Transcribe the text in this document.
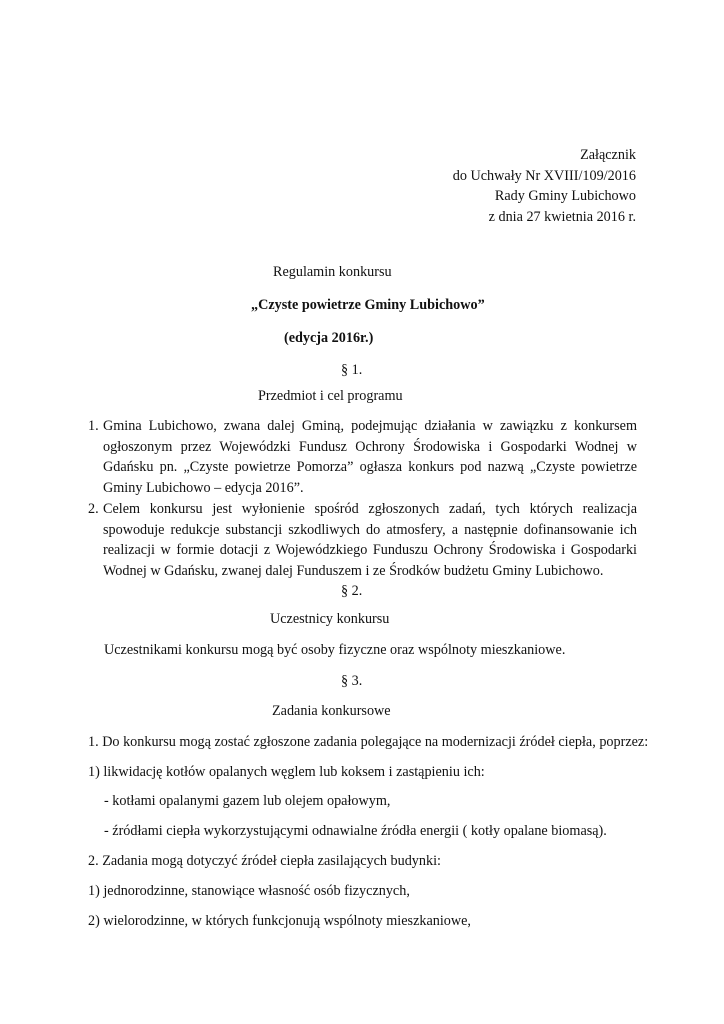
Załącznik
do Uchwały Nr XVIII/109/2016
Rady Gminy Lubichowo
z dnia 27 kwietnia 2016 r.
Regulamin konkursu
„Czyste powietrze Gminy Lubichowo”
(edycja 2016r.)
§ 1.
Przedmiot i cel programu
1. Gmina Lubichowo, zwana dalej Gminą, podejmując działania w zawiązku z konkursem ogłoszonym przez Wojewódzki Fundusz Ochrony Środowiska i Gospodarki Wodnej w Gdańsku pn. „Czyste powietrze Pomorza” ogłasza konkurs pod nazwą „Czyste powietrze Gminy Lubichowo – edycja 2016”.
2. Celem konkursu jest wyłonienie spośród zgłoszonych zadań, tych których realizacja spowoduje redukcje substancji szkodliwych do atmosfery, a następnie dofinansowanie ich realizacji w formie dotacji z Wojewódzkiego Funduszu Ochrony Środowiska i Gospodarki Wodnej w Gdańsku, zwanej dalej Funduszem i ze Środków budżetu Gminy Lubichowo.
§ 2.
Uczestnicy konkursu
Uczestnikami konkursu mogą być osoby fizyczne oraz wspólnoty mieszkaniowe.
§ 3.
Zadania konkursowe
1. Do konkursu mogą zostać zgłoszone zadania polegające na modernizacji źródeł ciepła, poprzez:
1) likwidację kotłów opalanych węglem lub koksem i zastąpieniu ich:
- kotłami opalanymi gazem lub olejem opałowym,
- źródłami ciepła wykorzystującymi odnawialne źródła energii ( kotły opalane biomasą).
2. Zadania mogą dotyczyć źródeł ciepła zasilających budynki:
1) jednorodzinne, stanowiące własność osób fizycznych,
2) wielorodzinne, w których funkcjonują wspólnoty mieszkaniowe,
